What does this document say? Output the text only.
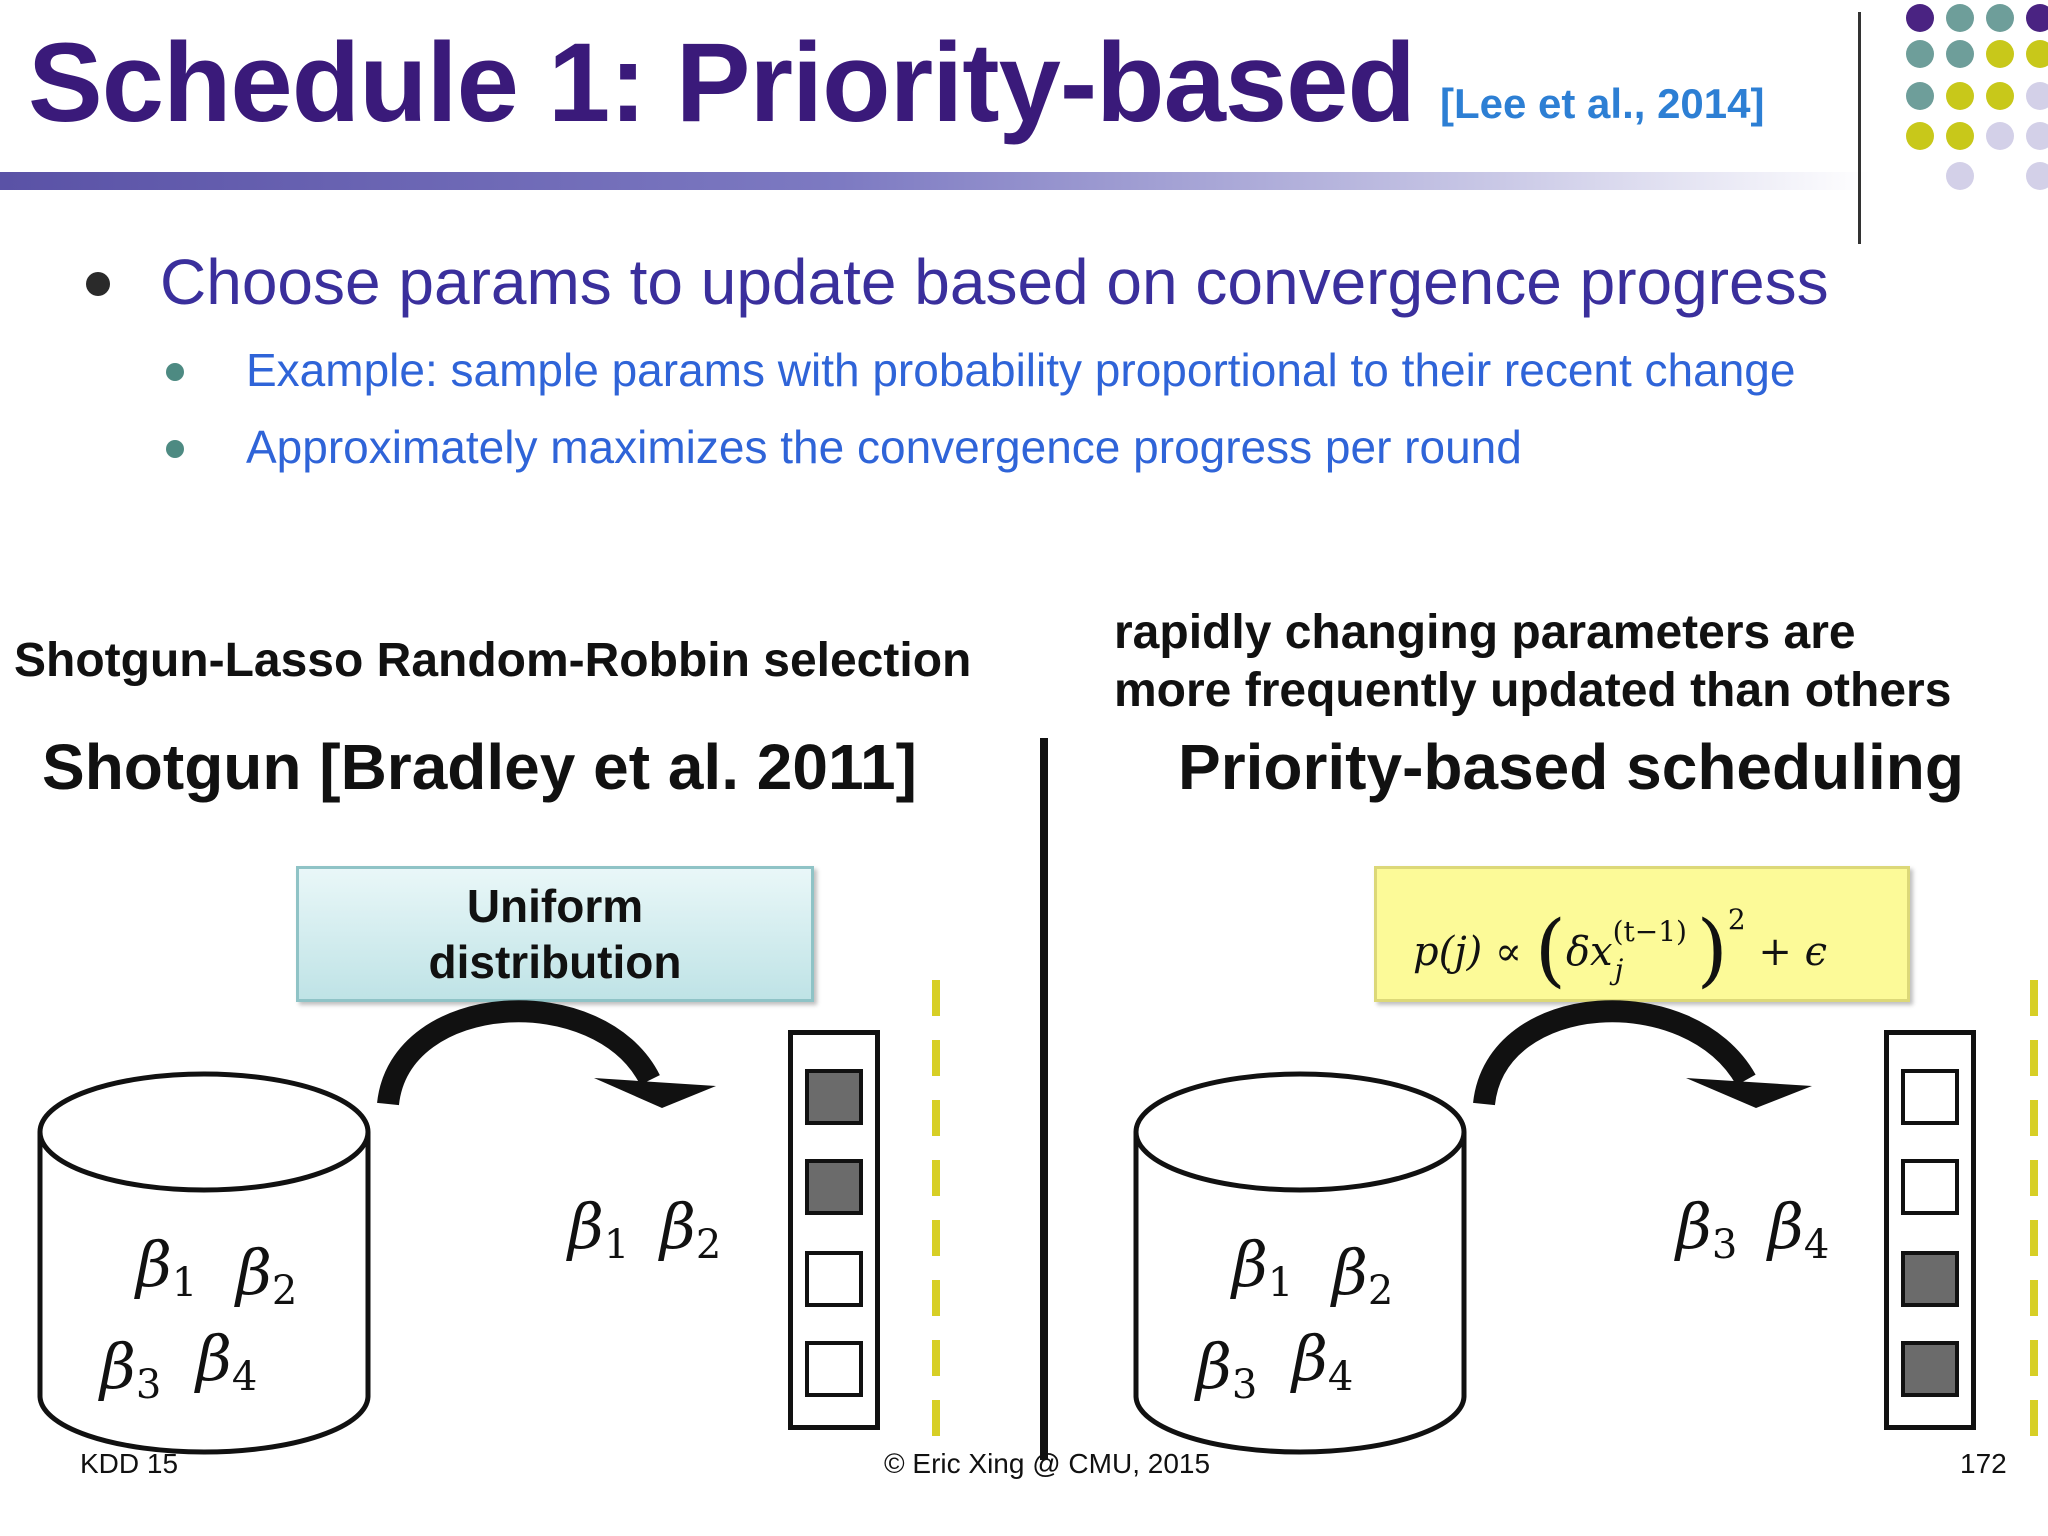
Schedule 1: Priority-based [Lee et al., 2014]
Choose params to update based on convergence progress
Example: sample params with probability proportional to their recent change
Approximately maximizes the convergence progress per round
Shotgun-Lasso Random-Robbin selection
rapidly changing parameters are
more frequently updated than others
Shotgun [Bradley et al. 2011]	Priority-based scheduling
Uniform
distribution	p(j) ∝ (δx (t−1)
j )$^2$ + ϵ
$\beta_1$ $\beta_2$
$\beta_3$ $\beta_4$
$\beta_1$ $\beta_2$	$\beta_1$ $\beta_2$
$\beta_3$ $\beta_4$
$\beta_3$ $\beta_4$
KDD 15	© Eric Xing @ CMU, 2015	172
